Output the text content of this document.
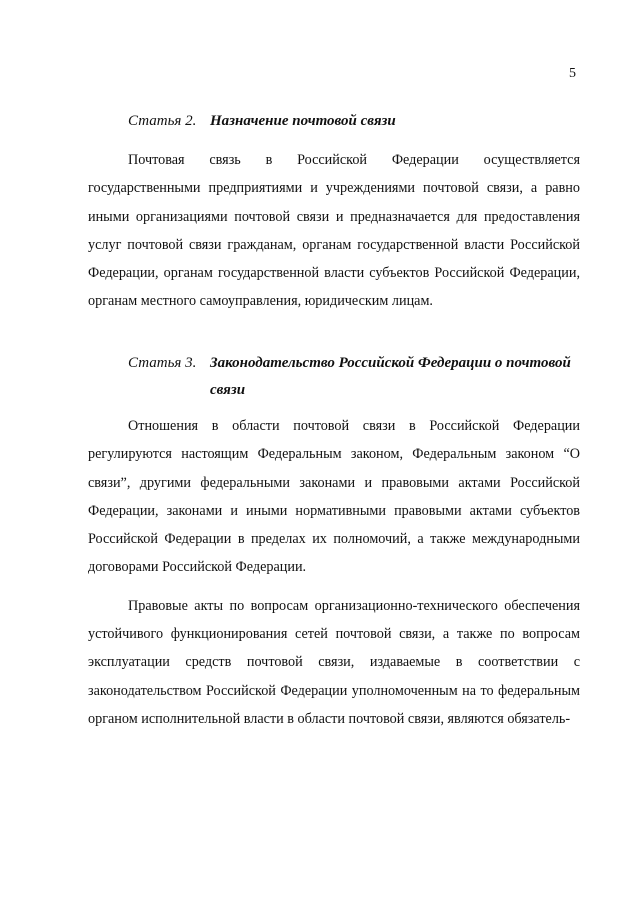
5
Статья 2. Назначение почтовой связи

Почтовая связь в Российской Федерации осуществляется государственными предприятиями и учреждениями почтовой связи, а равно иными организациями почтовой связи и предназначается для предоставления услуг почтовой связи гражданам, органам государственной власти Российской Федерации, органам государственной власти субъектов Российской Федерации, органам местного самоуправления, юридическим лицам.

Статья 3. Законодательство Российской Федерации о почтовой связи

Отношения в области почтовой связи в Российской Федерации регулируются настоящим Федеральным законом, Федеральным законом “О связи”, другими федеральными законами и правовыми актами Российской Федерации, законами и иными нормативными правовыми актами субъектов Российской Федерации в пределах их полномочий, а также международными договорами Российской Федерации.

Правовые акты по вопросам организационно-технического обеспечения устойчивого функционирования сетей почтовой связи, а также по вопросам эксплуатации средств почтовой связи, издаваемые в соответствии с законодательством Российской Федерации уполномоченным на то федеральным органом исполнительной власти в области почтовой связи, являются обязатель-
